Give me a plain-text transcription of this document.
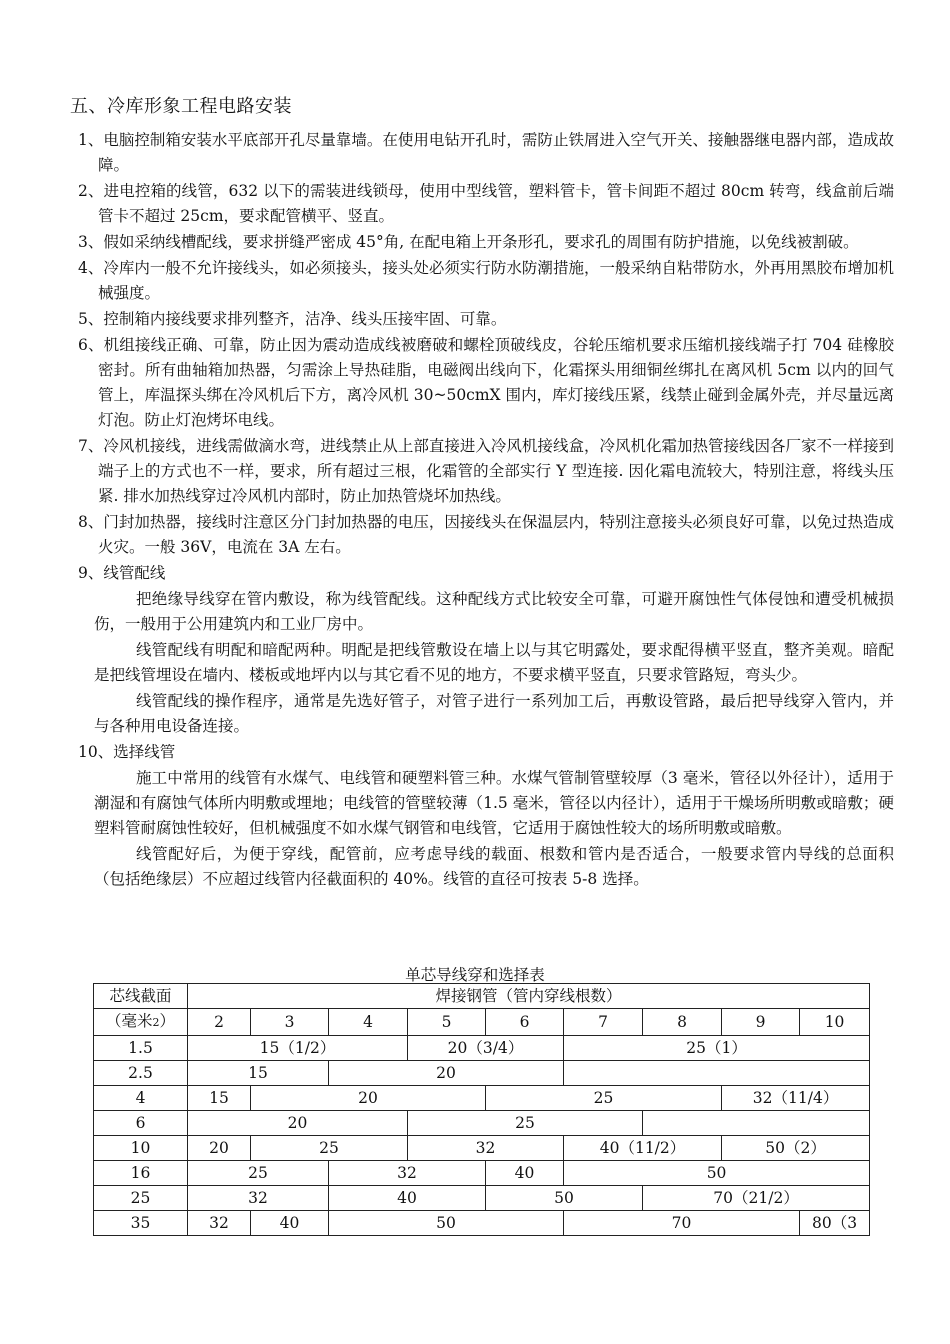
五、冷库形象工程电路安装

1、电脑控制箱安装水平底部开孔尽量靠墙。在使用电钻开孔时，需防止铁屑进入空气开关、接触器继电器内部，造成故障。

2、进电控箱的线管，632 以下的需装进线锁母，使用中型线管，塑料管卡，管卡间距不超过 80cm 转弯，线盒前后端管卡不超过 25cm，要求配管横平、竖直。

3、假如采纳线槽配线，要求拼缝严密成 45°角, 在配电箱上开条形孔，要求孔的周围有防护措施，以免线被割破。

4、冷库内一般不允许接线头，如必须接头，接头处必须实行防水防潮措施，一般采纳自粘带防水，外再用黑胶布增加机械强度。

5、控制箱内接线要求排列整齐，洁净、线头压接牢固、可靠。

6、机组接线正确、可靠，防止因为震动造成线被磨破和螺栓顶破线皮，谷轮压缩机要求压缩机接线端子打 704 硅橡胶密封。所有曲轴箱加热器，匀需涂上导热硅脂，电磁阀出线向下，化霜探头用细铜丝绑扎在离风机 5cm 以内的回气管上，库温探头绑在冷风机后下方，离冷风机 30~50cmX 围内，库灯接线压紧，线禁止碰到金属外壳，并尽量远离灯泡。防止灯泡烤坏电线。

7、冷风机接线，进线需做滴水弯，进线禁止从上部直接进入冷风机接线盒，冷风机化霜加热管接线因各厂家不一样接到端子上的方式也不一样，要求，所有超过三根，化霜管的全部实行 Y 型连接. 因化霜电流较大，特别注意，将线头压紧. 排水加热线穿过冷风机内部时，防止加热管烧坏加热线。

8、门封加热器，接线时注意区分门封加热器的电压，因接线头在保温层内，特别注意接头必须良好可靠，以免过热造成火灾。一般 36V，电流在 3A 左右。

9、线管配线

把绝缘导线穿在管内敷设，称为线管配线。这种配线方式比较安全可靠，可避开腐蚀性气体侵蚀和遭受机械损伤，一般用于公用建筑内和工业厂房中。

线管配线有明配和暗配两种。明配是把线管敷设在墙上以与其它明露处，要求配得横平竖直，整齐美观。暗配是把线管埋设在墙内、楼板或地坪内以与其它看不见的地方，不要求横平竖直，只要求管路短，弯头少。

线管配线的操作程序，通常是先选好管子，对管子进行一系列加工后，再敷设管路，最后把导线穿入管内，并与各种用电设备连接。

10、选择线管

施工中常用的线管有水煤气、电线管和硬塑料管三种。水煤气管制管壁较厚（3 毫米，管径以外径计），适用于潮湿和有腐蚀气体所内明敷或埋地；电线管的管壁较薄（1.5 毫米，管径以内径计），适用于干燥场所明敷或暗敷；硬塑料管耐腐蚀性较好，但机械强度不如水煤气钢管和电线管，它适用于腐蚀性较大的场所明敷或暗敷。

线管配好后，为便于穿线，配管前，应考虑导线的载面、根数和管内是否适合，一般要求管内导线的总面积（包括绝缘层）不应超过线管内径截面积的 40%。线管的直径可按表 5-8 选择。

单芯导线穿和选择表
芯线截面	焊接钢管（管内穿线根数）								
（毫米2）	2	3	4	5	6	7	8	9	10
1.5	15（1/2）			20（3/4）		25（1）			
2.5	15		20						
4	15	20			25			32（11/4）	
6	20			25					
10	20	25		32		40（11/2）		50（2）	
16	25		32		40	50			
25	32		40		50		70（21/2）		
35	32	40	50			70			80（3
